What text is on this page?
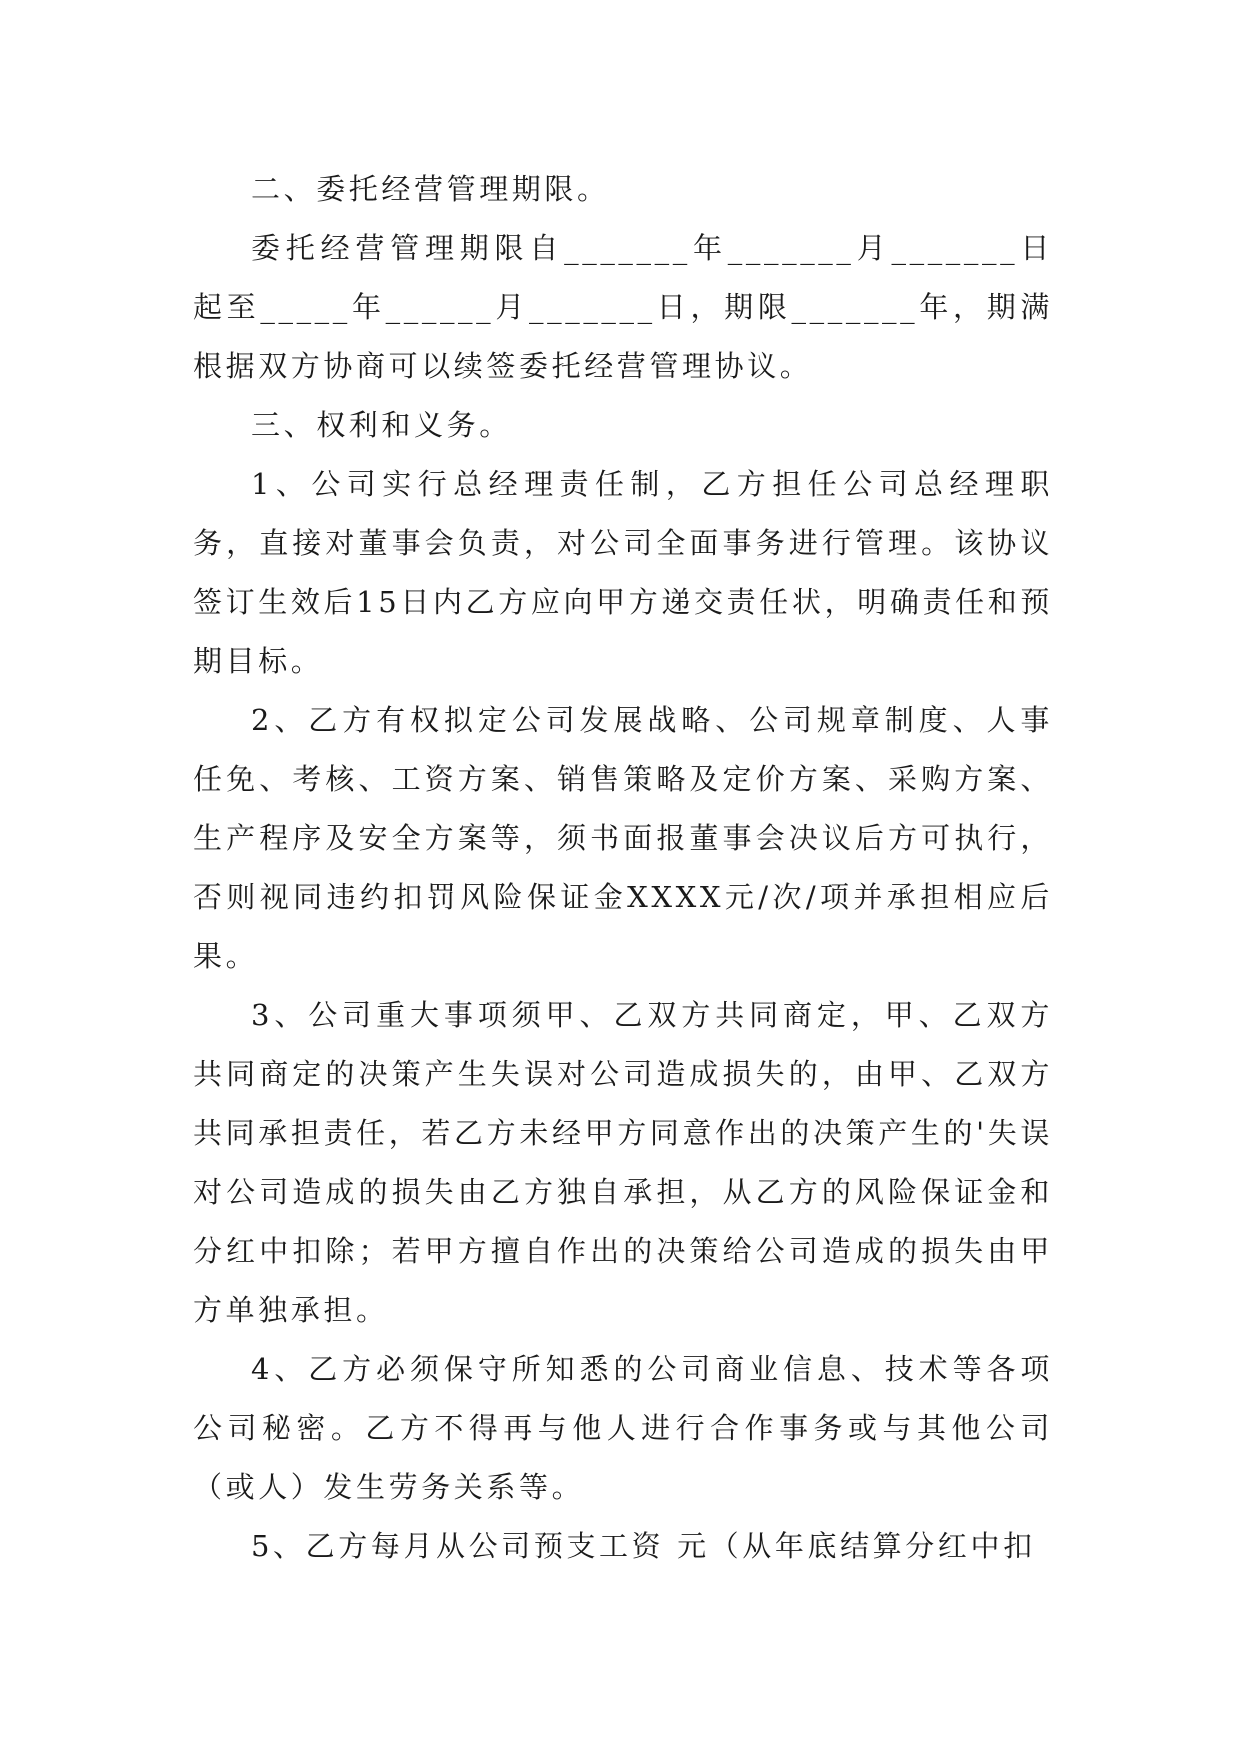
二、委托经营管理期限。

委托经营管理期限自_______年_______月_______日起至_____年______月_______日，期限_______年，期满根据双方协商可以续签委托经营管理协议。

三、权利和义务。

1、公司实行总经理责任制，乙方担任公司总经理职务，直接对董事会负责，对公司全面事务进行管理。该协议签订生效后15日内乙方应向甲方递交责任状，明确责任和预期目标。

2、乙方有权拟定公司发展战略、公司规章制度、人事任免、考核、工资方案、销售策略及定价方案、采购方案、生产程序及安全方案等，须书面报董事会决议后方可执行，否则视同违约扣罚风险保证金XXXX元/次/项并承担相应后果。

3、公司重大事项须甲、乙双方共同商定，甲、乙双方共同商定的决策产生失误对公司造成损失的，由甲、乙双方共同承担责任，若乙方未经甲方同意作出的决策产生的'失误对公司造成的损失由乙方独自承担，从乙方的风险保证金和分红中扣除；若甲方擅自作出的决策给公司造成的损失由甲方单独承担。

4、乙方必须保守所知悉的公司商业信息、技术等各项公司秘密。乙方不得再与他人进行合作事务或与其他公司（或人）发生劳务关系等。

5、乙方每月从公司预支工资 元（从年底结算分红中扣
